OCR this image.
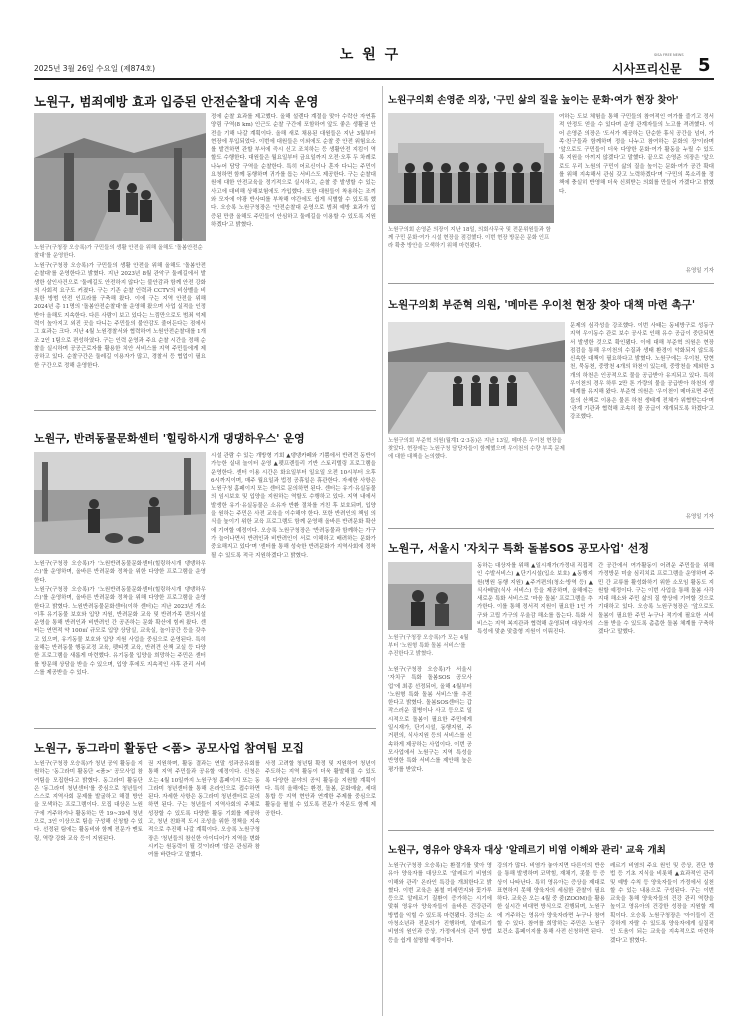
노 원 구
2025년 3월 26일 수요일 (제874호)
SISA FREE NEWS
시사프리신문 5
노원구, 범죄예방 효과 입증된 안전순찰대 지속 운영
노원구(구청장 오승록)가 구민들의 생활 안전을 위해 올해도 '돌봄안전순찰대'를 운영한다.
노원구(구청장 오승록)가 구민들의 생활 안전을 위해 올해도 '돌봄안전순찰대'를 운영한다고 밝혔다. 지난 2023년 8월 관악구 둘레길에서 발생한 살인사건으로 '둘레길도 안전하지 않다'는 불안감과 함께 안전 강화의 사회적 요구도 커졌다. 구는 기존 순찰 인력과 CCTV의 비상벨을 비롯한 방범 안전 인프라를 구축해 왔다. 이에 구는 지역 안전을 위해 2024년 총 11명의 '돌봄안전순찰대'를 운영해 왔으며 사업 실적을 인정받아 올해도 지속한다. 다른 사람이 보고 있다는 느낌만으로도 범죄 억제력이 높아지고 외진 곳을 다니는 주민들의 불안감도 줄어든다는 점에서 그 효과는 크다. 지난 4월 노원경찰서와 협력하여 노원안전순찰대를 1개 조 2인 1팀으로 편성하였다. 구는 인력 운영과 주요 순찰 시간을 정해 순찰을 실시하며 공공근로자를 활용한 치안 서비스를 지역 주민들에게 제공하고 있다. 순찰구간은 둘레길 이용자가 많고, 경찰서 등 협업이 필요한 구간으로 정해 운영한다.
정에 순찰 효과를 제고했다. 올해 설렌다 계절을 맞아 수락산 자연휴양림 구역(8 km) 인근도 순찰 구간에 포함하여 앞도 좋은 생활권 안전을 기해 나갈 계획이다. 올해 새로 채용된 대원들은 지난 3월부터 현장에 투입되었다. 이번에 대원들은 이외에도 순찰 중 안전 위험요소를 발견하면 관할 부서에 즉시 신고 조치하는 등 생활안전 지킴이 역할도 수행한다. 대원들은 월요일부터 금요일까지 오전·오후 두 차례로 나누어 담당 구역을 순찰한다. 특히 어르신이나 혼자 다니는 주민이 요청하면 함께 동행하며 귀가를 돕는 서비스도 제공한다. 구는 순찰대원에 대한 안전교육을 정기적으로 실시하고, 순찰 중 발생할 수 있는 사고에 대비해 상해보험에도 가입했다. 또한 대원들이 착용하는 조끼와 모자에 야광 반사띠를 부착해 야간에도 쉽게 식별할 수 있도록 했다. 오승록 노원구청장은 '안전순찰대 운영으로 범죄 예방 효과가 입증된 만큼 올해도 주민들이 안심하고 둘레길을 이용할 수 있도록 지원하겠다'고 밝혔다.
노원구의회 손영준 의장, '구민 삶의 질을 높이는 문화·여가 현장 찾아'
노원구의회 손영준 의장이 지난 18일, 의회사무국 및 전문위원들과 함께 구민 문화·여가 시설 현장을 점검했다. 이번 현장 방문은 문화 인프라 확충 방안을 모색하기 위해 마련됐다.
여하는 도보 체험을 통해 구민들의 참여적인 여가를 즐기고 정서적 안정도 얻을 수 있다며 운영 관계자들의 노고를 격려했다. 이어 손영준 의장은 '도서가 제공하는 단순한 휴식 공간을 넘어, 가족·친구들과 함께하며 정을 나누고 참여하는 문화의 장'이라며 '앞으로도 구민들이 더욱 다양한 문화·여가 활동을 누릴 수 있도록 지원을 아끼지 않겠다'고 말했다. 끝으로 손영준 의장은 '앞으로도 우리 노원의 구민이 삶의 질을 높이는 문화·여가 공간 확대를 위해 지속해서 관심 갖고 노력하겠다'며 '구민의 목소리를 정책에 충실히 반영해 더욱 신뢰받는 의회를 만들어 가겠다'고 밝혔다.
유영일 기자
노원구의회 부준혁 의원, '메마른 우이천 현장 찾아 대책 마련 촉구'
노원구의회 부준혁 의원(월계1·2·3동)은 지난 13일, 메마른 우이천 현장을 찾았다. 현장에는 노원구청 담당자들이 함께했으며 우이천의 수량 부족 문제에 대한 대책을 논의했다.
문제의 심각성을 강조했다. 이번 사태는 동네방구로 성동구 지역 우이동수 관로 보수 공사로 인해 유수 공급이 중단되면서 발생한 것으로 확인됐다. 이에 대해 부준혁 의원은 현장 점검을 통해 우이천의 수질과 생태 환경이 악화되지 않도록 신속한 대책이 필요하다고 밝혔다. 노원구에는 우이천, 당현천, 묵동천, 중랑천 4개의 하천이 있는데, 중랑천을 제외한 3개의 하천은 인공적으로 물을 공급받아 유지되고 있다. 특히 우이천의 경우 하루 2만 톤 가량의 물을 공급받아 하천의 생태계를 유지해 왔다. 부준혁 의원은 '우이천이 메마르면 주민들의 산책로 이용은 물론 하천 생태계 전체가 위협받는다'며 '관계 기관과 협력해 조속히 물 공급이 재개되도록 하겠다'고 강조했다.
유영일 기자
노원구, 반려동물문화센터 '힐링하시개 댕댕하우스' 운영
노원구(구청장 오승록)가 '노원반려동물문화센터(힐링하시개 댕댕하우스)'를 운영하며, 올바른 반려문화 정착을 위한 다양한 프로그램을 운영한다.
노원구(구청장 오승록)가 '노원반려동물문화센터(힐링하시개 댕댕하우스)'를 운영하며, 올바른 반려문화 정착을 위해 다양한 프로그램을 운영한다고 밝혔다. 노원반려동물문화센터(이하 센터)는 지난 2023년 개소 이후 유기동물 보호와 입양 지원, 반려문화 교육 및 반려가족 편의시설 운영을 통해 반려인과 비반려인 간 공존하는 문화 확산에 힘써 왔다. 센터는 연면적 약 100㎡ 규모로 입양 상담실, 교육실, 놀이공간 등을 갖추고 있으며, 유기동물 보호와 입양 지원 사업을 중심으로 운영된다. 특히 올해는 반려동물 행동교정 교육, 펫티켓 교육, 반려견 산책 교실 등 다양한 프로그램을 새롭게 마련했다. 유기동물 입양을 희망하는 주민은 센터를 방문해 상담을 받을 수 있으며, 입양 후에도 지속적인 사후 관리 서비스를 제공받을 수 있다.
시설 관람 수 있는 개방형 기회 ▲댕댕카페와 기쁨에서 반려견 동반이 가능한 실내 놀이터 운영 ▲펫프렌들리 기반 스토리텔링 프로그램을 운영한다. 센터 이용 시간은 화요일부터 일요일 오전 10시부터 오후 6시까지이며, 매주 월요일과 법정 공휴일은 휴관한다. 자세한 사항은 노원구청 홈페이지 또는 센터로 문의하면 된다. 센터는 유기·유실동물의 임시보호 및 입양을 지원하는 역할도 수행하고 있다. 지역 내에서 발생한 유기·유실동물은 소유자 반환 절차를 거친 후 보호되며, 입양을 원하는 주민은 사전 교육을 이수해야 한다. 또한 반려인의 책임 의식을 높이기 위한 교육 프로그램도 함께 운영해 올바른 반려문화 확산에 기여할 예정이다. 오승록 노원구청장은 '반려동물과 함께하는 가구가 늘어나면서 반려인과 비반려인이 서로 이해하고 배려하는 문화가 중요해지고 있다'며 '센터를 통해 성숙한 반려문화가 지역사회에 정착될 수 있도록 적극 지원하겠다'고 밝혔다.
노원구, 서울시 '자치구 특화 돌봄SOS 공모사업' 선정
노원구(구청장 오승록)가 모는 4월부터 '노원형 특화 돌봄 서비스'를 추진한다고 밝혔다.
노원구(구청장 오승록)가 서울시 '자치구 특화 돌봄SOS 공모사업'에 최종 선정되어, 올해 4월부터 '노원형 특화 돌봄 서비스'를 추진한다고 밝혔다. 돌봄SOS센터는 갑작스러운 질병이나 사고 등으로 일시적으로 돌봄이 필요한 주민에게 일시재가, 단기시설, 동행지원, 주거편의, 식사지원 등의 서비스를 신속하게 제공하는 사업이다. 이번 공모사업에서 노원구는 지역 특성을 반영한 특화 서비스를 제안해 높은 평가를 받았다.
동하는 대상자를 위해 ▲일시재가(가정내 직접적인 수발서비스) ▲단기시설(입소 보호) ▲동행지원(병원 동행 지원) ▲주거편의(청소·방역 등) ▲식사배달(식사 서비스) 등을 제공하며, 올해에는 새로운 특화 서비스로 '마음 돌봄' 프로그램을 추가한다. 이를 통해 정서적 지원이 필요한 1인 가구와 고립 가구의 우울감 해소를 돕는다. 특화 서비스는 지역 복지관과 협력해 운영되며 대상자의 특성에 맞춘 맞춤형 지원이 이뤄진다.
간 공간에서 여가활동이 어려운 주민들을 위해 가정방문 미술 심리치료 프로그램을 운영하며 주민 간 교류를 활성화하기 위한 소모임 활동도 지원할 예정이다. 구는 이번 사업을 통해 돌봄 사각지대 해소와 주민 삶의 질 향상에 기여할 것으로 기대하고 있다. 오승록 노원구청장은 '앞으로도 돌봄이 필요한 주민 누구나 적기에 필요한 서비스를 받을 수 있도록 촘촘한 돌봄 체계를 구축하겠다'고 말했다.
노원구, 동그라미 활동단 <품> 공모사업 참여팀 모집
노원구(구청장 오승록)가 청년 공익 활동을 지원하는 '동그라미 활동단 <품>' 공모사업 참여팀을 모집한다고 밝혔다. 동그라미 활동단은 '동그라미 청년센터'를 중심으로 청년들이 스스로 지역사회 문제를 발굴하고 해결 방안을 모색하는 프로그램이다. 모집 대상은 노원구에 거주하거나 활동하는 만 19~39세 청년으로, 3인 이상으로 팀을 구성해 신청할 수 있다. 선정된 팀에는 활동비와 함께 전문가 멘토링, 역량 강화 교육 등이 지원된다.
권 지원하며, 활동 결과는 연말 성과공유회를 통해 지역 주민들과 공유할 예정이다. 신청은 오는 4월 10일까지 노원구청 홈페이지 또는 동그라미 청년센터를 통해 온라인으로 접수하면 된다. 자세한 사항은 동그라미 청년센터로 문의하면 된다. 구는 청년들이 지역사회의 주체로 성장할 수 있도록 다양한 활동 기회를 제공하고, 청년 친화적 도시 조성을 위한 정책을 지속적으로 추진해 나갈 계획이다. 오승록 노원구청장은 '청년들의 참신한 아이디어가 지역을 변화시키는 원동력이 될 것'이라며 '많은 관심과 참여를 바란다'고 말했다.
사정 고려할 청년팀 확정 및 지원하여 청년이 주도하는 지역 활동이 더욱 활발해질 수 있도록 다양한 분야의 공익 활동을 지원할 계획이다. 특히 올해에는 환경, 돌봄, 문화예술, 세대통합 등 지역 현안과 연계한 주제를 중심으로 활동을 펼칠 수 있도록 전문가 자문도 함께 제공한다.
노원구, 영유아 양육자 대상 '알레르기 비염 이해와 관리' 교육 개최
노원구(구청장 오승록)는 환절기를 맞아 영유아 양육자를 대상으로 '알레르기 비염의 이해와 관리' 온라인 특강을 개최한다고 밝혔다. 이번 교육은 봄철 미세먼지와 꽃가루 등으로 알레르기 질환이 증가하는 시기에 맞춰 영유아 양육자들이 올바른 건강관리 방법을 익힐 수 있도록 마련됐다. 강의는 소아청소년과 전문의가 진행하며, 알레르기 비염의 원인과 증상, 가정에서의 관리 방법 등을 쉽게 설명할 예정이다.
강의가 많다. 비염가 놓아지면 다른이의 반응을 통해 발생하며 코막힘, 재채기, 콧물 등 증상이 나타난다. 특히 영유아는 증상을 제대로 표현하지 못해 양육자의 세심한 관찰이 필요하다. 교육은 오는 4월 중 줌(ZOOM)을 활용한 실시간 비대면 방식으로 진행되며, 노원구에 거주하는 영유아 양육자라면 누구나 참여할 수 있다. 참여를 희망하는 주민은 노원구 보건소 홈페이지를 통해 사전 신청하면 된다.
레르기 비염의 주요 원인 및 증상, 진단 방법 등 기초 지식을 비롯해 ▲효과적인 관리 및 예방 수칙 등 양육자들이 가정에서 실천할 수 있는 내용으로 구성된다. 구는 이번 교육을 통해 양육자들의 건강 관리 역량을 높이고 영유아의 건강한 성장을 지원할 계획이다. 오승록 노원구청장은 '아이들이 건강하게 자랄 수 있도록 양육자에게 실질적인 도움이 되는 교육을 지속적으로 마련하겠다'고 밝혔다.
